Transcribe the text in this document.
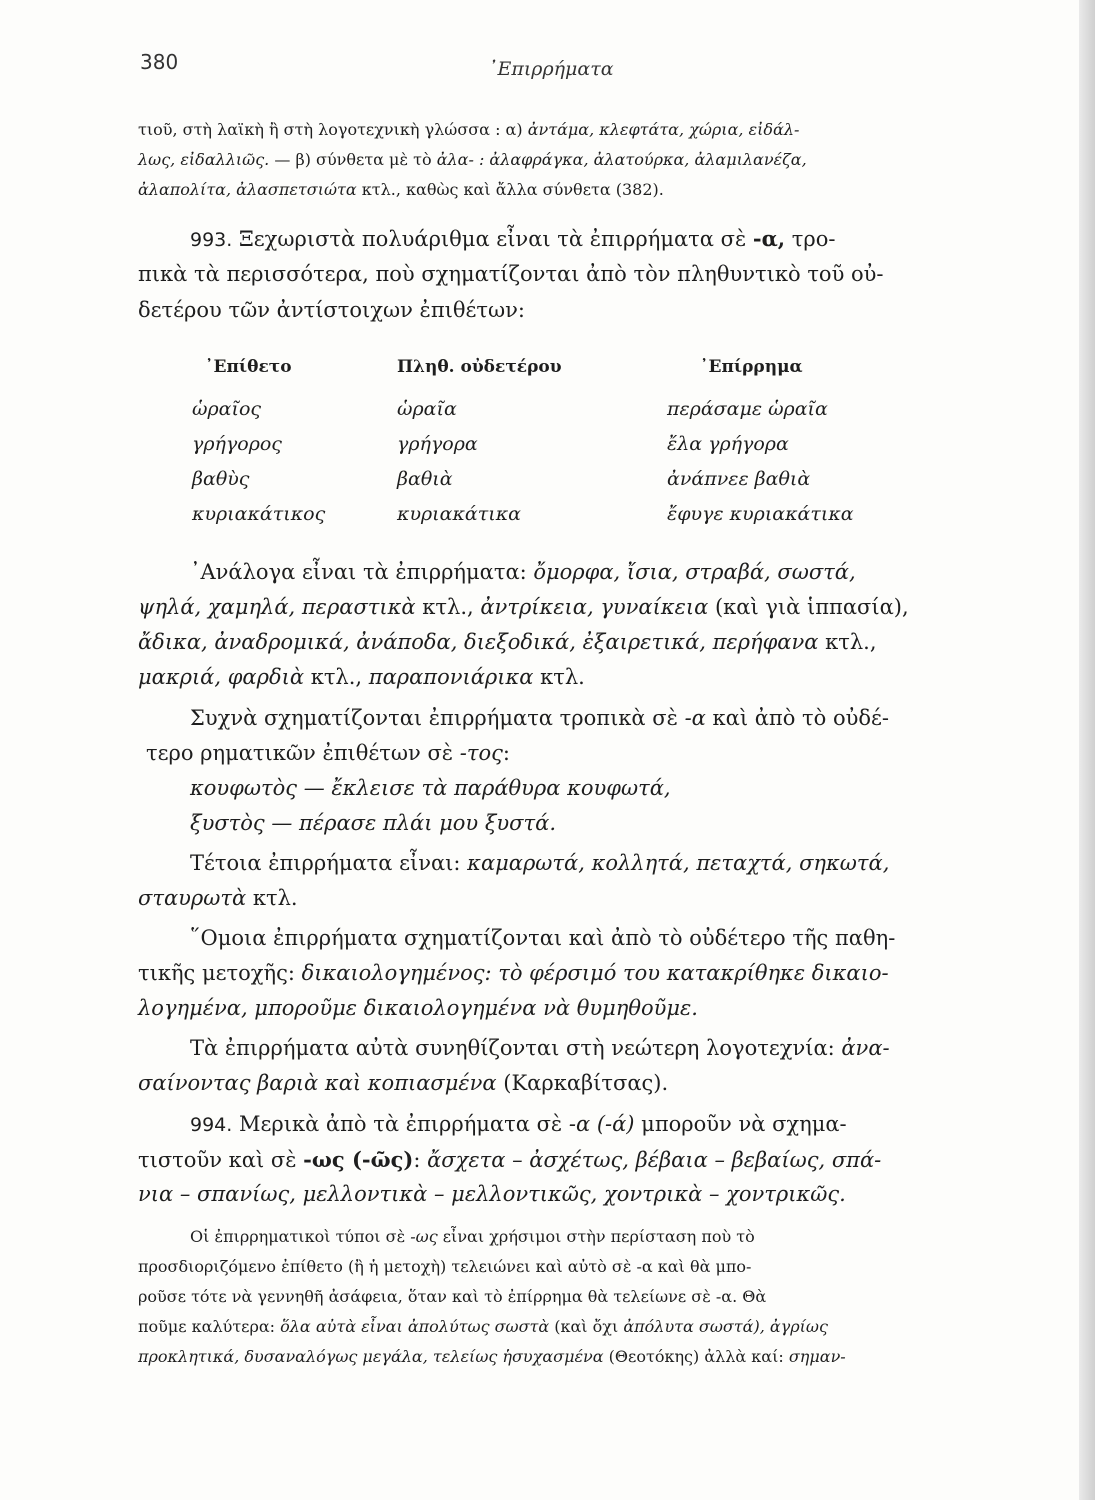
380	᾿Επιρρήματα
τιοῦ, στὴ λαϊκὴ ἢ στὴ λογοτεχνικὴ γλώσσα : α) ἀντάμα, κλεφτάτα, χώρια, εἰδάλ-
λως, εἰδαλλιῶς. — β) σύνθετα μὲ τὸ ἀλα- : ἀλαφράγκα, ἀλατούρκα, ἀλαμιλανέζα,
ἀλαπολίτα, ἀλασπετσιώτα κτλ., καθὼς καὶ ἄλλα σύνθετα (382).
993. Ξεχωριστὰ πολυάριθμα εἶναι τὰ ἐπιρρήματα σὲ -α, τρο-
πικὰ τὰ περισσότερα, ποὺ σχηματίζονται ἀπὸ τὸν πληθυντικὸ τοῦ οὐ-
δετέρου τῶν ἀντίστοιχων ἐπιθέτων:
᾿Επίθετο	Πληθ. οὐδετέρου	᾿Επίρρημα
ὡραῖος	ὡραῖα	περάσαμε ὡραῖα
γρήγορος	γρήγορα	ἔλα γρήγορα
βαθὺς	βαθιὰ	ἀνάπνεε βαθιὰ
κυριακάτικος	κυριακάτικα	ἔφυγε κυριακάτικα
᾿Ανάλογα εἶναι τὰ ἐπιρρήματα: ὄμορφα, ἴσια, στραβά, σωστά,
ψηλά, χαμηλά, περαστικὰ κτλ., ἀντρίκεια, γυναίκεια (καὶ γιὰ ἱππασία),
ἄδικα, ἀναδρομικά, ἀνάποδα, διεξοδικά, ἐξαιρετικά, περήφανα κτλ.,
μακριά, φαρδιὰ κτλ., παραπονιάρικα κτλ.
Συχνὰ σχηματίζονται ἐπιρρήματα τροπικὰ σὲ -α καὶ ἀπὸ τὸ οὐδέ-
τερο ρηματικῶν ἐπιθέτων σὲ -τος:
κουφωτὸς — ἔκλεισε τὰ παράθυρα κουφωτά,
ξυστὸς — πέρασε πλάι μου ξυστά.
Τέτοια ἐπιρρήματα εἶναι: καμαρωτά, κολλητά, πεταχτά, σηκωτά,
σταυρωτὰ κτλ.
῞Ομοια ἐπιρρήματα σχηματίζονται καὶ ἀπὸ τὸ οὐδέτερο τῆς παθη-
τικῆς μετοχῆς: δικαιολογημένος: τὸ φέρσιμό του κατακρίθηκε δικαιο-
λογημένα, μποροῦμε δικαιολογημένα νὰ θυμηθοῦμε.
Τὰ ἐπιρρήματα αὐτὰ συνηθίζονται στὴ νεώτερη λογοτεχνία: ἀνα-
σαίνοντας βαριὰ καὶ κοπιασμένα (Καρκαβίτσας).
994. Μερικὰ ἀπὸ τὰ ἐπιρρήματα σὲ -α (-ά) μποροῦν νὰ σχημα-
τιστοῦν καὶ σὲ -ως (-ῶς): ἄσχετα – ἀσχέτως, βέβαια – βεβαίως, σπά-
νια – σπανίως, μελλοντικὰ – μελλοντικῶς, χοντρικὰ – χοντρικῶς.
Οἱ ἐπιρρηματικοὶ τύποι σὲ -ως εἶναι χρήσιμοι στὴν περίσταση ποὺ τὸ
προσδιοριζόμενο ἐπίθετο (ἢ ἡ μετοχὴ) τελειώνει καὶ αὐτὸ σὲ -α καὶ θὰ μπο-
ροῦσε τότε νὰ γεννηθῆ ἀσάφεια, ὅταν καὶ τὸ ἐπίρρημα θὰ τελείωνε σὲ -α. Θὰ
ποῦμε καλύτερα: ὅλα αὐτὰ εἶναι ἀπολύτως σωστὰ (καὶ ὄχι ἀπόλυτα σωστά), ἀγρίως
προκλητικά, δυσαναλόγως μεγάλα, τελείως ἡσυχασμένα (Θεοτόκης) ἀλλὰ καί: σημαν-
